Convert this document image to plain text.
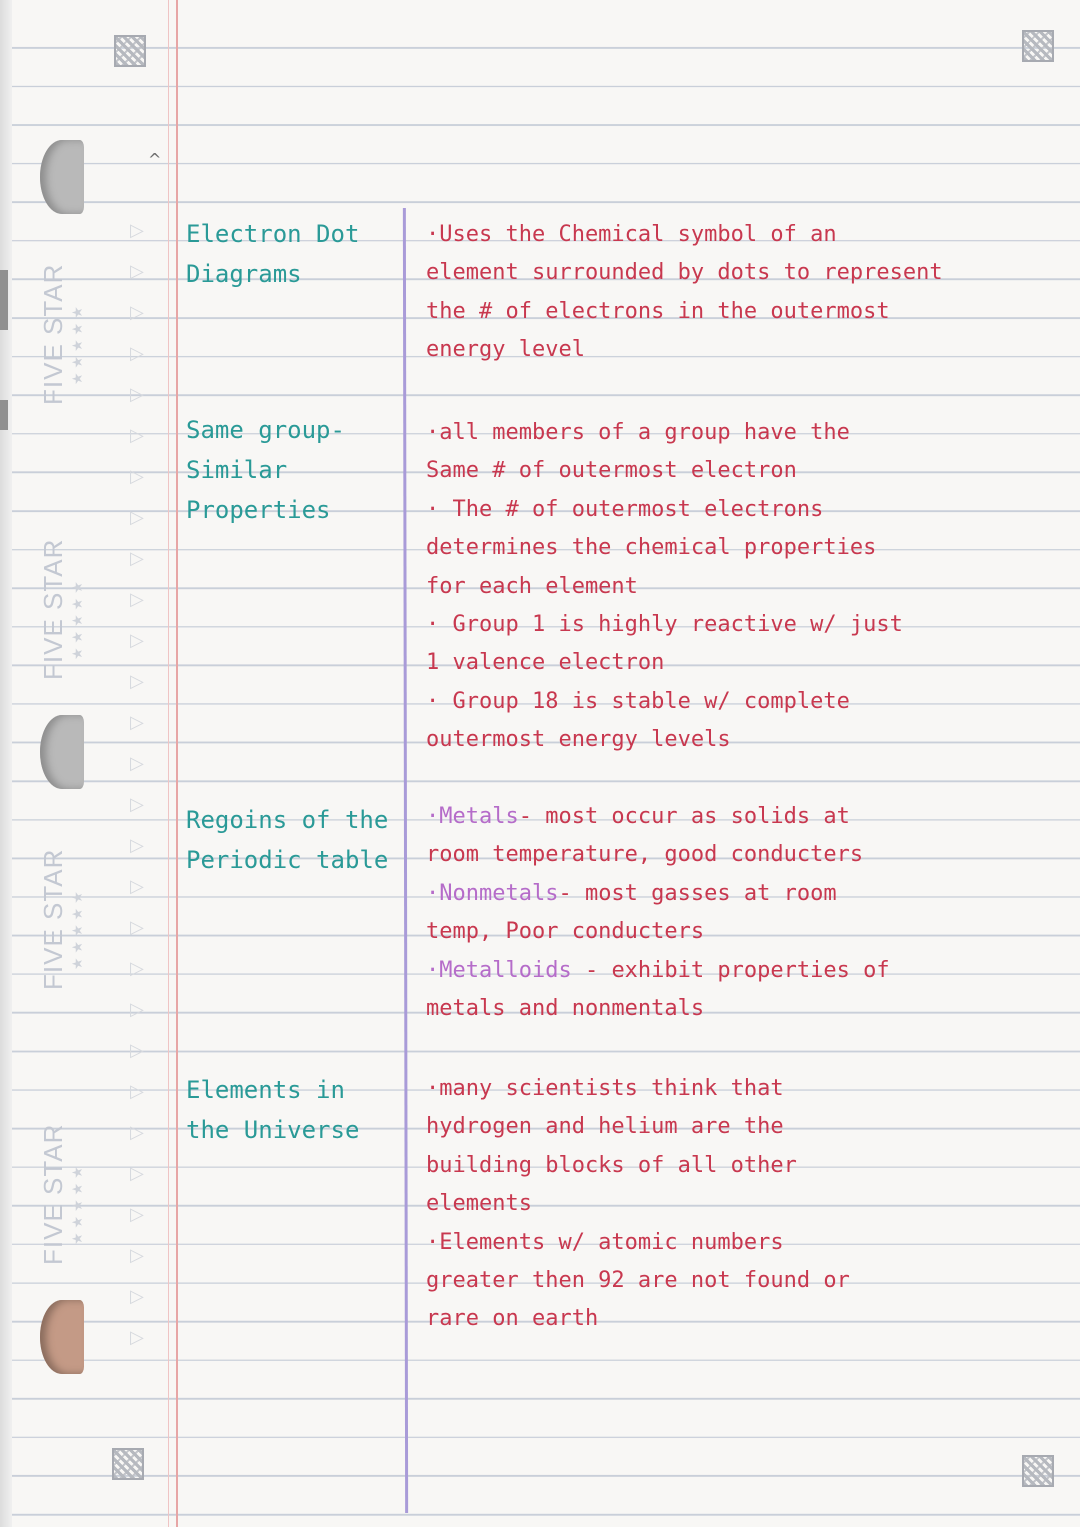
FIVE STAR ★★★★★
FIVE STAR ★★★★★
FIVE STAR ★★★★★
FIVE STAR ★★★★★
▷
▷
▷
▷
▷
▷
▷
▷
▷
▷
▷
▷
▷
▷
▷
▷
▷
▷
▷
▷
▷
▷
▷
▷
▷
▷
▷
▷
^
Electron Dot
Diagrams
·Uses the Chemical symbol of an
element surrounded by dots to represent
the # of electrons in the outermost
energy level
Same group-
Similar Properties
·all members of a group have the
Same # of outermost electron
· The # of outermost electrons
determines the chemical properties
for each element
· Group 1 is highly reactive w/ just
1 valence electron
· Group 18 is stable w/ complete
outermost energy levels
Regoins of the
Periodic table
·Metals- most occur as solids at
room temperature, good conducters
·Nonmetals- most gasses at room
temp, Poor conducters
·Metalloids - exhibit properties of
metals and nonmentals
Elements in
the Universe
·many scientists think that
hydrogen and helium are the
building blocks of all other
elements
·Elements w/ atomic numbers
greater then 92 are not found or
rare on earth
